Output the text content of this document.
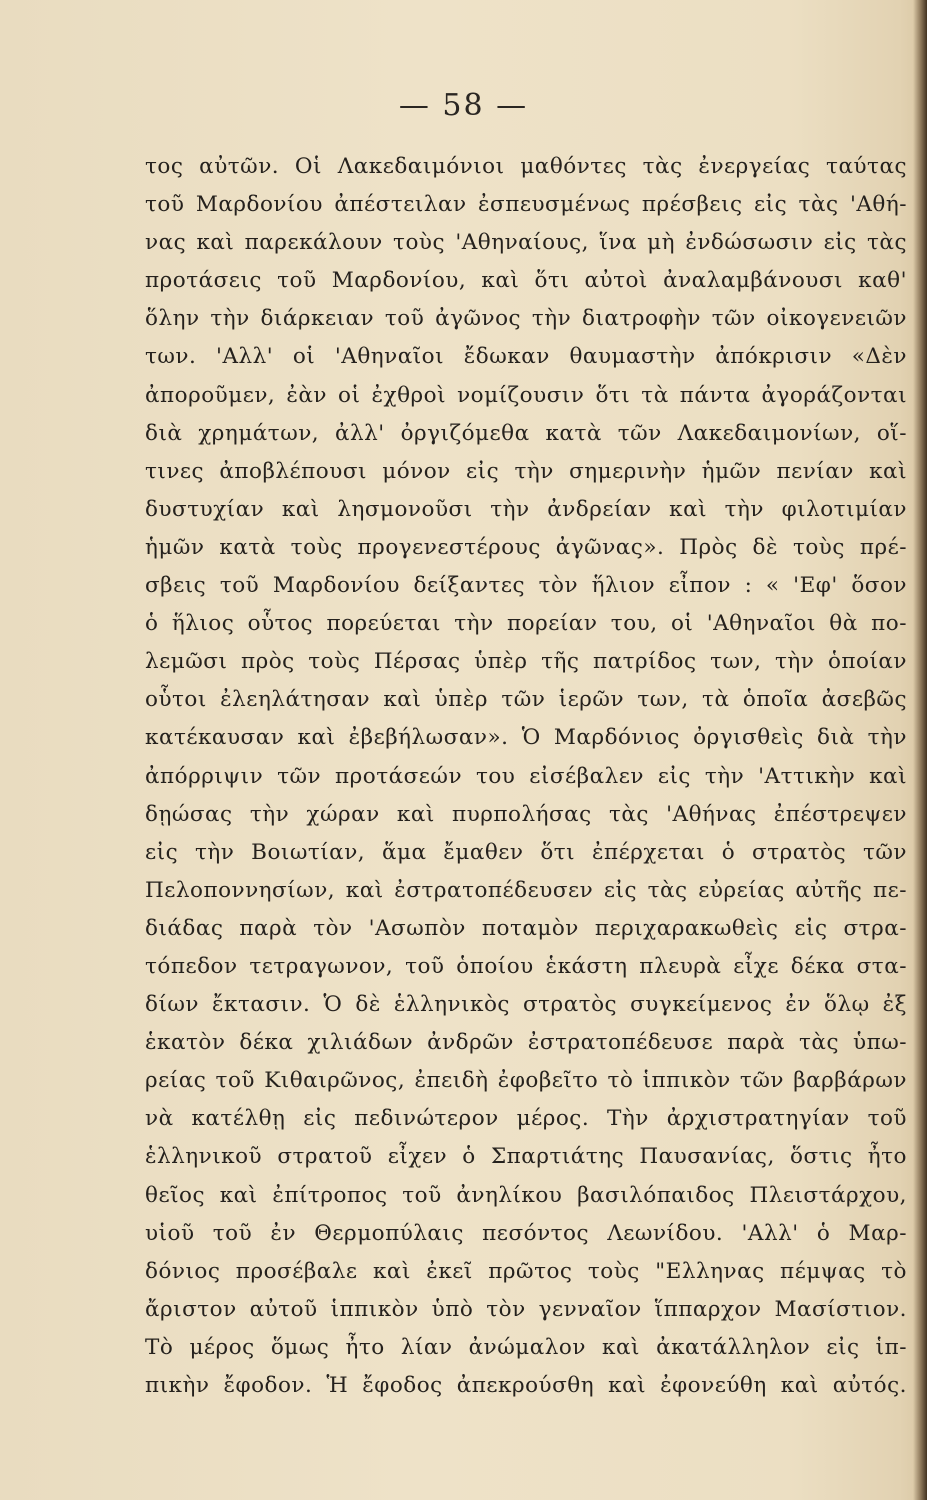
— 58 —
τος αὐτῶν. Οἱ Λακεδαιμόνιοι μαθόντες τὰς ἐνεργείας ταύτας
τοῦ Μαρδονίου ἀπέστειλαν ἐσπευσμένως πρέσβεις εἰς τὰς 'Αθή-
νας καὶ παρεκάλουν τοὺς 'Αθηναίους, ἵνα μὴ ἐνδώσωσιν εἰς τὰς
προτάσεις τοῦ Μαρδονίου, καὶ ὅτι αὐτοὶ ἀναλαμβάνουσι καθ'
ὅλην τὴν διάρκειαν τοῦ ἀγῶνος τὴν διατροφὴν τῶν οἰκογενειῶν
των. 'Αλλ' οἱ 'Αθηναῖοι ἔδωκαν θαυμαστὴν ἀπόκρισιν «Δὲν
ἀποροῦμεν, ἐὰν οἱ ἐχθροὶ νομίζουσιν ὅτι τὰ πάντα ἀγοράζονται
διὰ χρημάτων, ἀλλ' ὀργιζόμεθα κατὰ τῶν Λακεδαιμονίων, οἵ-
τινες ἀποβλέπουσι μόνον εἰς τὴν σημερινὴν ἡμῶν πενίαν καὶ
δυστυχίαν καὶ λησμονοῦσι τὴν ἀνδρείαν καὶ τὴν φιλοτιμίαν
ἡμῶν κατὰ τοὺς προγενεστέρους ἀγῶνας». Πρὸς δὲ τοὺς πρέ-
σβεις τοῦ Μαρδονίου δείξαντες τὸν ἥλιον εἶπον : « 'Εφ' ὅσον
ὁ ἥλιος οὗτος πορεύεται τὴν πορείαν του, οἱ 'Αθηναῖοι θὰ πο-
λεμῶσι πρὸς τοὺς Πέρσας ὑπὲρ τῆς πατρίδος των, τὴν ὁποίαν
οὗτοι ἐλεηλάτησαν καὶ ὑπὲρ τῶν ἱερῶν των, τὰ ὁποῖα ἀσεβῶς
κατέκαυσαν καὶ ἐβεβήλωσαν». Ὁ Μαρδόνιος ὀργισθεὶς διὰ τὴν
ἀπόρριψιν τῶν προτάσεών του εἰσέβαλεν εἰς τὴν 'Αττικὴν καὶ
δῃώσας τὴν χώραν καὶ πυρπολήσας τὰς 'Αθήνας ἐπέστρεψεν
εἰς τὴν Βοιωτίαν, ἅμα ἔμαθεν ὅτι ἐπέρχεται ὁ στρατὸς τῶν
Πελοποννησίων, καὶ ἐστρατοπέδευσεν εἰς τὰς εὐρείας αὐτῆς πε-
διάδας παρὰ τὸν 'Ασωπὸν ποταμὸν περιχαρακωθεὶς εἰς στρα-
τόπεδον τετραγωνον, τοῦ ὁποίου ἑκάστη πλευρὰ εἶχε δέκα στα-
δίων ἔκτασιν. Ὁ δὲ ἑλληνικὸς στρατὸς συγκείμενος ἐν ὅλῳ ἐξ
ἑκατὸν δέκα χιλιάδων ἀνδρῶν ἐστρατοπέδευσε παρὰ τὰς ὑπω-
ρείας τοῦ Κιθαιρῶνος, ἐπειδὴ ἐφοβεῖτο τὸ ἱππικὸν τῶν βαρβάρων
νὰ κατέλθῃ εἰς πεδινώτερον μέρος. Τὴν ἀρχιστρατηγίαν τοῦ
ἑλληνικοῦ στρατοῦ εἶχεν ὁ Σπαρτιάτης Παυσανίας, ὅστις ἦτο
θεῖος καὶ ἐπίτροπος τοῦ ἀνηλίκου βασιλόπαιδος Πλειστάρχου,
υἱοῦ τοῦ ἐν Θερμοπύλαις πεσόντος Λεωνίδου. 'Αλλ' ὁ Μαρ-
δόνιος προσέβαλε καὶ ἐκεῖ πρῶτος τοὺς "Ελληνας πέμψας τὸ
ἄριστον αὐτοῦ ἱππικὸν ὑπὸ τὸν γενναῖον ἵππαρχον Μασίστιον.
Τὸ μέρος ὅμως ἦτο λίαν ἀνώμαλον καὶ ἀκατάλληλον εἰς ἱπ-
πικὴν ἔφοδον. Ἡ ἔφοδος ἀπεκρούσθη καὶ ἐφονεύθη καὶ αὐτός.
